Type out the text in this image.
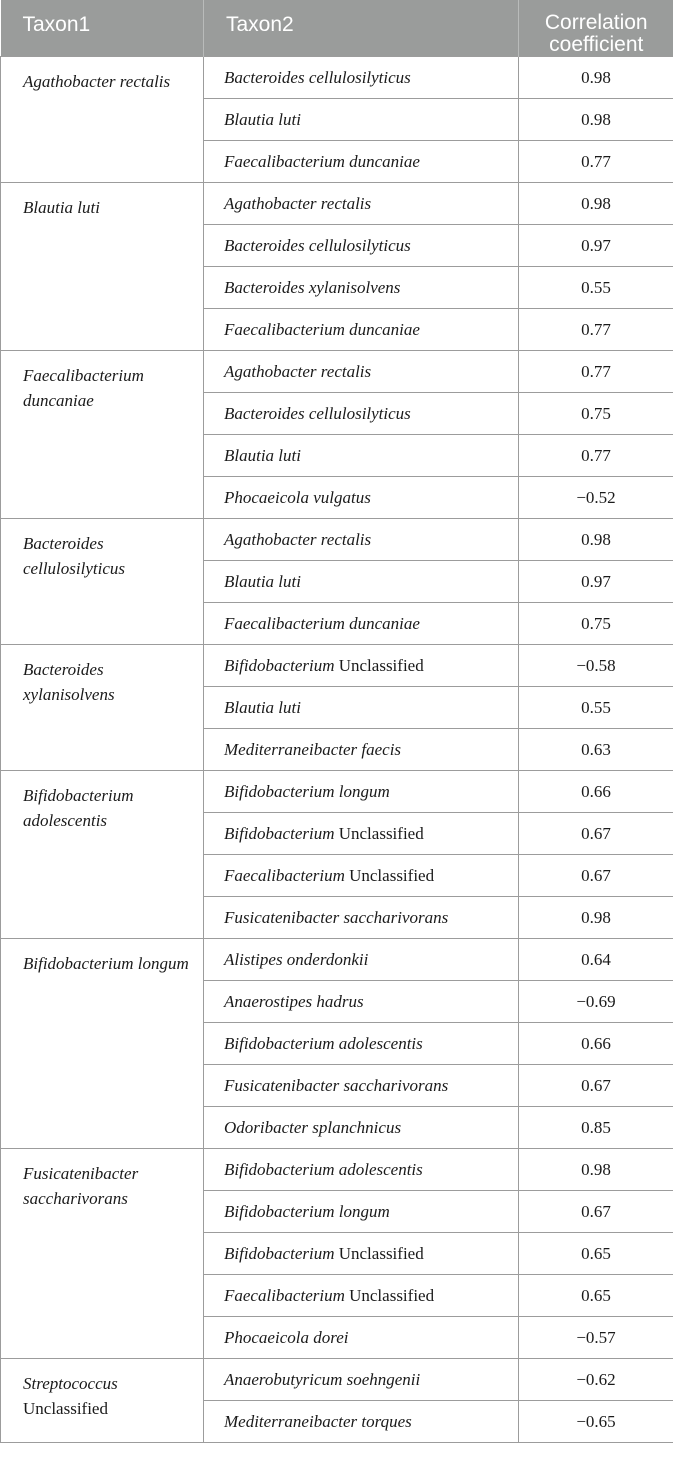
Taxon1	Taxon2	Correlation coefficient
Agathobacter rectalis	Bacteroides cellulosilyticus	0.98
	Blautia luti	0.98
	Faecalibacterium duncaniae	0.77
Blautia luti	Agathobacter rectalis	0.98
	Bacteroides cellulosilyticus	0.97
	Bacteroides xylanisolvens	0.55
	Faecalibacterium duncaniae	0.77
Faecalibacterium duncaniae	Agathobacter rectalis	0.77
	Bacteroides cellulosilyticus	0.75
	Blautia luti	0.77
	Phocaeicola vulgatus	−0.52
Bacteroides cellulosilyticus	Agathobacter rectalis	0.98
	Blautia luti	0.97
	Faecalibacterium duncaniae	0.75
Bacteroides xylanisolvens	Bifidobacterium Unclassified	−0.58
	Blautia luti	0.55
	Mediterraneibacter faecis	0.63
Bifidobacterium adolescentis	Bifidobacterium longum	0.66
	Bifidobacterium Unclassified	0.67
	Faecalibacterium Unclassified	0.67
	Fusicatenibacter saccharivorans	0.98
Bifidobacterium longum	Alistipes onderdonkii	0.64
	Anaerostipes hadrus	−0.69
	Bifidobacterium adolescentis	0.66
	Fusicatenibacter saccharivorans	0.67
	Odoribacter splanchnicus	0.85
Fusicatenibacter saccharivorans	Bifidobacterium adolescentis	0.98
	Bifidobacterium longum	0.67
	Bifidobacterium Unclassified	0.65
	Faecalibacterium Unclassified	0.65
	Phocaeicola dorei	−0.57
Streptococcus Unclassified	Anaerobutyricum soehngenii	−0.62
	Mediterraneibacter torques	−0.65
